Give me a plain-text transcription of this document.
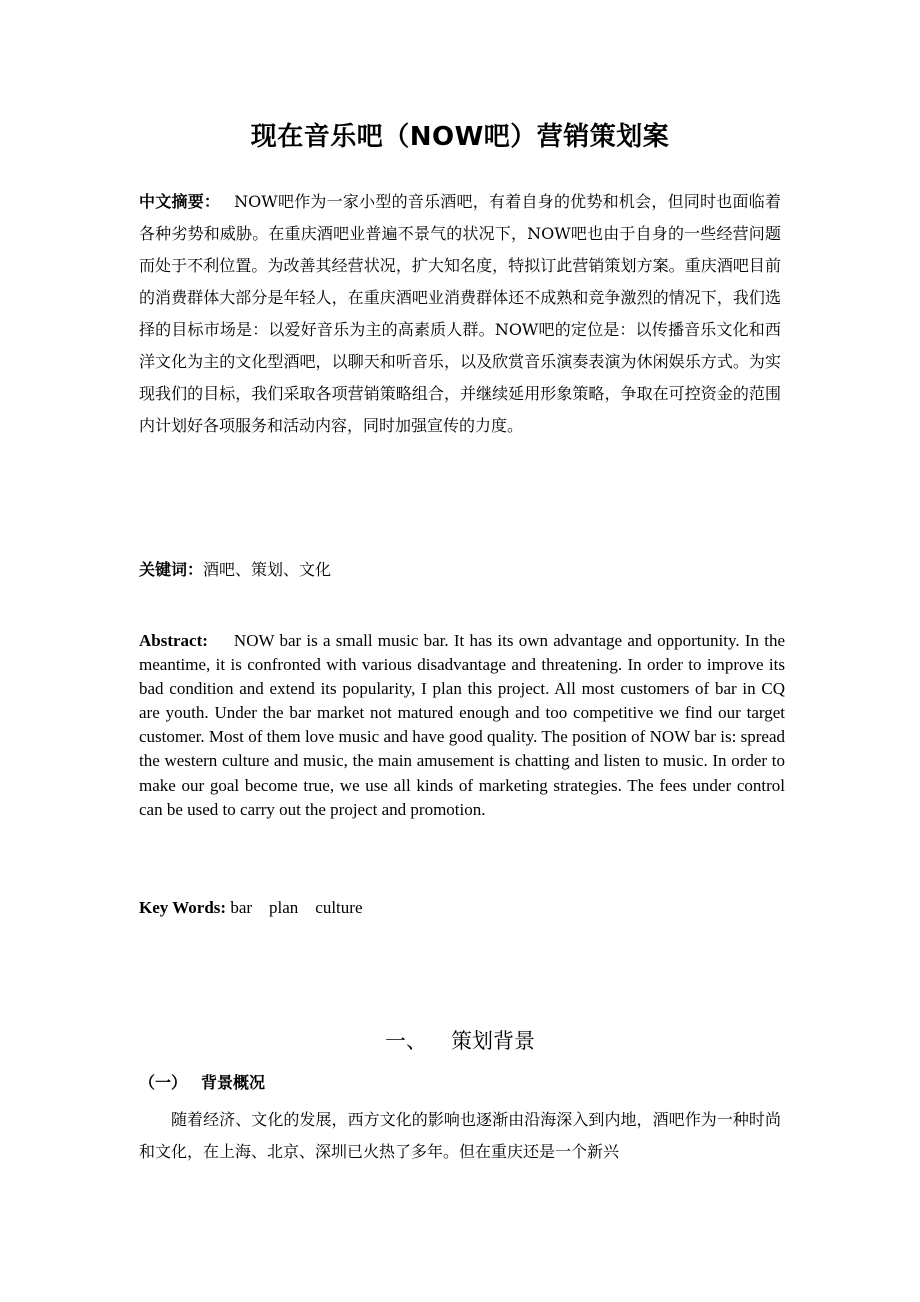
现在音乐吧（NOW吧）营销策划案
中文摘要： NOW吧作为一家小型的音乐酒吧，有着自身的优势和机会，但同时也面临着各种劣势和威胁。在重庆酒吧业普遍不景气的状况下，NOW吧也由于自身的一些经营问题而处于不利位置。为改善其经营状况，扩大知名度，特拟订此营销策划方案。重庆酒吧目前的消费群体大部分是年轻人，在重庆酒吧业消费群体还不成熟和竞争激烈的情况下，我们选择的目标市场是：以爱好音乐为主的高素质人群。NOW吧的定位是：以传播音乐文化和西洋文化为主的文化型酒吧，以聊天和听音乐，以及欣赏音乐演奏表演为休闲娱乐方式。为实现我们的目标，我们采取各项营销策略组合，并继续延用形象策略，争取在可控资金的范围内计划好各项服务和活动内容，同时加强宣传的力度。
关键词：酒吧、策划、文化
Abstract: NOW bar is a small music bar. It has its own advantage and opportunity. In the meantime, it is confronted with various disadvantage and threatening. In order to improve its bad condition and extend its popularity, I plan this project. All most customers of bar in CQ are youth. Under the bar market not matured enough and too competitive we find our target customer. Most of them love music and have good quality. The position of NOW bar is: spread the western culture and music, the main amusement is chatting and listen to music. In order to make our goal become true, we use all kinds of marketing strategies. The fees under control can be used to carry out the project and promotion.
Key Words: bar    plan    culture
一、 策划背景
（一） 背景概况
随着经济、文化的发展，西方文化的影响也逐渐由沿海深入到内地，酒吧作为一种时尚和文化，在上海、北京、深圳已火热了多年。但在重庆还是一个新兴
